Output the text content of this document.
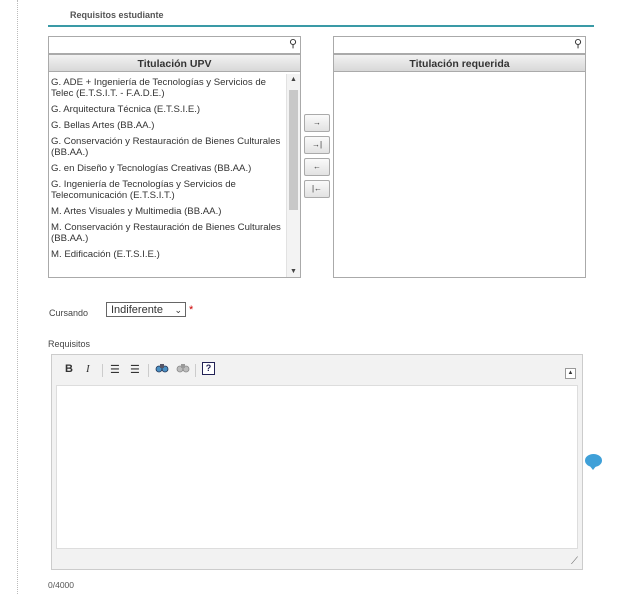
Requisitos estudiante
⚲
Titulación UPV
G. ADE + Ingeniería de Tecnologías y Servicios de Telec (E.T.S.I.T. - F.A.D.E.)
G. Arquitectura Técnica (E.T.S.I.E.)
G. Bellas Artes (BB.AA.)
G. Conservación y Restauración de Bienes Culturales (BB.AA.)
G. en Diseño y Tecnologías Creativas (BB.AA.)
G. Ingeniería de Tecnologías y Servicios de Telecomunicación (E.T.S.I.T.)
M. Artes Visuales y Multimedia (BB.AA.)
M. Conservación y Restauración de Bienes Culturales (BB.AA.)
M. Edificación (E.T.S.I.E.)
▲
▼
→
→|
←
|←
⚲
Titulación requerida
Cursando	Indiferente ⌄ *
Requisitos
B I ☰ ☰	?	▲
⟋
0/4000
